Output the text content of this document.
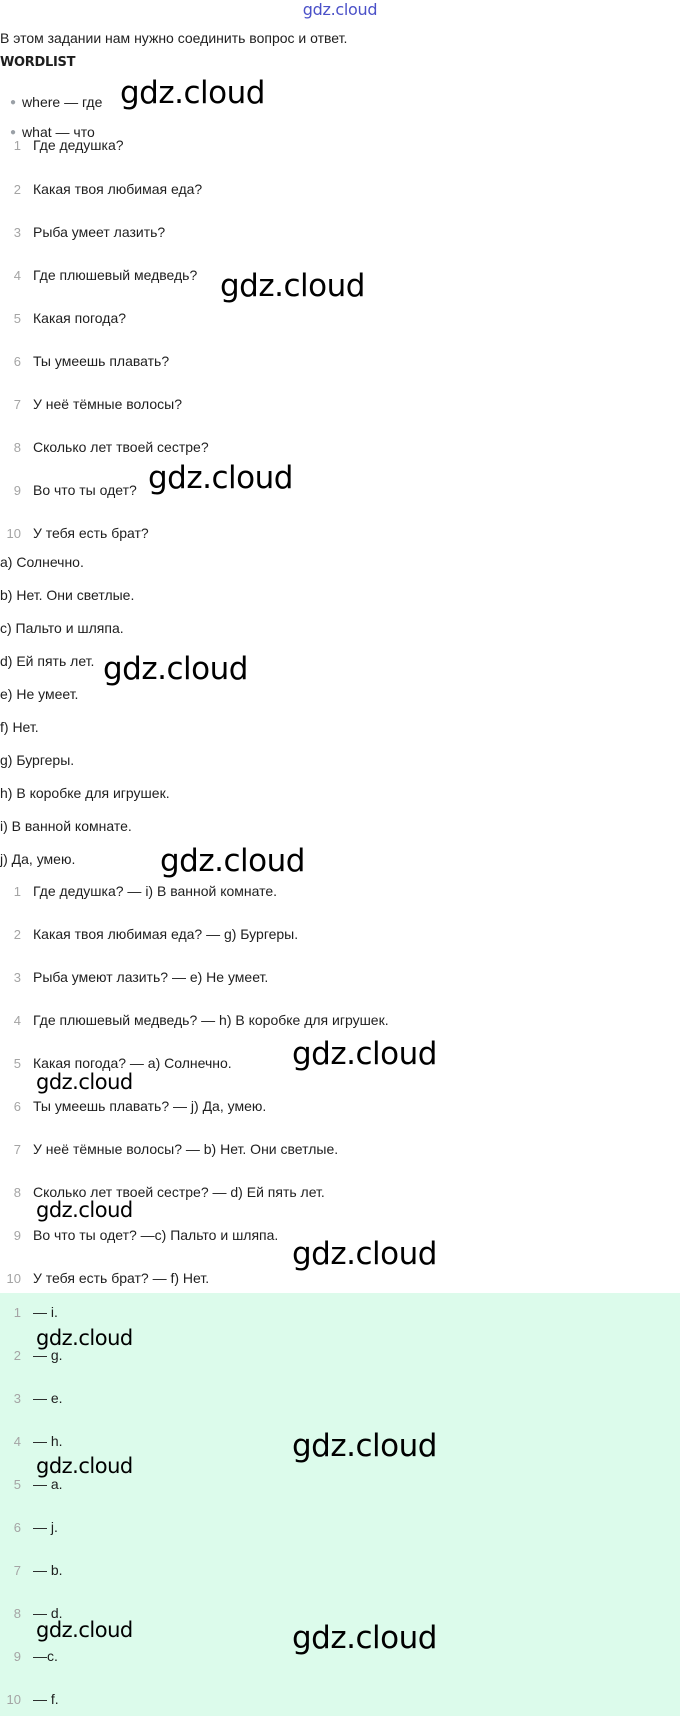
gdz.cloud
В этом задании нам нужно соединить вопрос и ответ.
WORDLIST
● where — где
● what — что
1 Где дедушка?
2 Какая твоя любимая еда?
3 Рыба умеет лазить?
4 Где плюшевый медведь?
5 Какая погода?
6 Ты умеешь плавать?
7 У неё тёмные волосы?
8 Сколько лет твоей сестре?
9 Во что ты одет?
10 У тебя есть брат?
a) Солнечно.
b) Нет. Они светлые.
c) Пальто и шляпа.
d) Ей пять лет.
e) Не умеет.
f) Нет.
g) Бургеры.
h) В коробке для игрушек.
i) В ванной комнате.
j) Да, умею.
1 Где дедушка? — i) В ванной комнате.
2 Какая твоя любимая еда? — g) Бургеры.
3 Рыба умеют лазить? — e) Не умеет.
4 Где плюшевый медведь? — h) В коробке для игрушек.
5 Какая погода? — a) Солнечно.
6 Ты умеешь плавать? — j) Да, умею.
7 У неё тёмные волосы? — b) Нет. Они светлые.
8 Сколько лет твоей сестре? — d) Ей пять лет.
9 Во что ты одет? —c) Пальто и шляпа.
10 У тебя есть брат? — f) Нет.
1 — i.
2 — g.
3 — e.
4 — h.
5 — a.
6 — j.
7 — b.
8 — d.
9 —c.
10 — f.
gdz.cloud
gdz.cloud
gdz.cloud
gdz.cloud
gdz.cloud
gdz.cloud
gdz.cloud
gdz.cloud
gdz.cloud
gdz.cloud
gdz.cloud
gdz.cloud
gdz.cloud	gdz.cloud
